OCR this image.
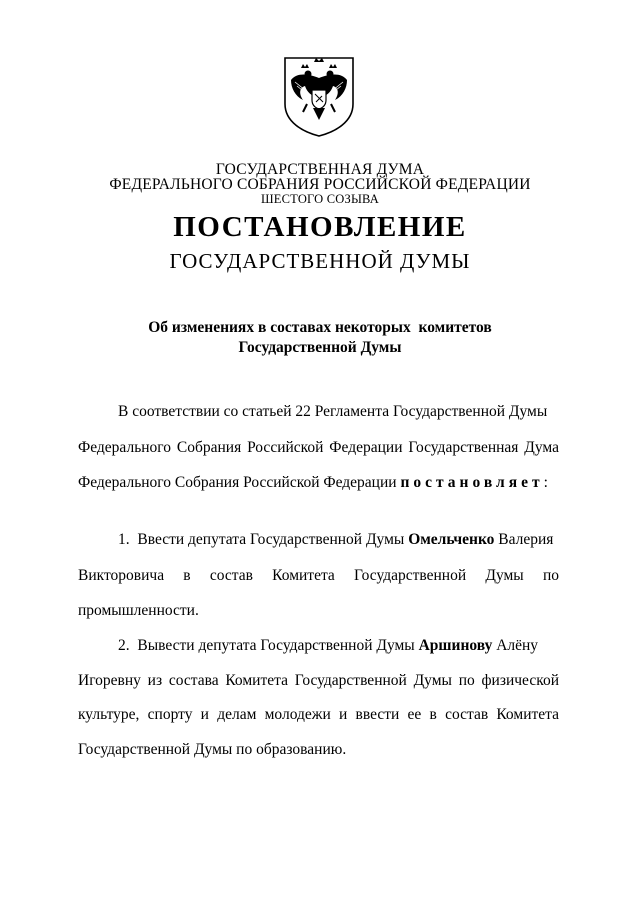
ГОСУДАРСТВЕННАЯ ДУМА
ФЕДЕРАЛЬНОГО СОБРАНИЯ РОССИЙСКОЙ ФЕДЕРАЦИИ
ШЕСТОГО СОЗЫВА
ПОСТАНОВЛЕНИЕ
ГОСУДАРСТВЕННОЙ ДУМЫ
Об изменениях в составах некоторых  комитетов
Государственной Думы
В соответствии со статьей 22 Регламента Государственной Думы
Федерального Собрания Российской Федерации Государственная Дума
Федерального Собрания Российской Федерации постановляет:
1.  Ввести депутата Государственной Думы Омельченко Валерия
Викторовича в состав Комитета Государственной Думы по
промышленности.
2.  Вывести депутата Государственной Думы Аршинову Алёну
Игоревну из состава Комитета Государственной Думы по физической
культуре, спорту и делам молодежи и ввести ее в состав Комитета
Государственной Думы по образованию.
